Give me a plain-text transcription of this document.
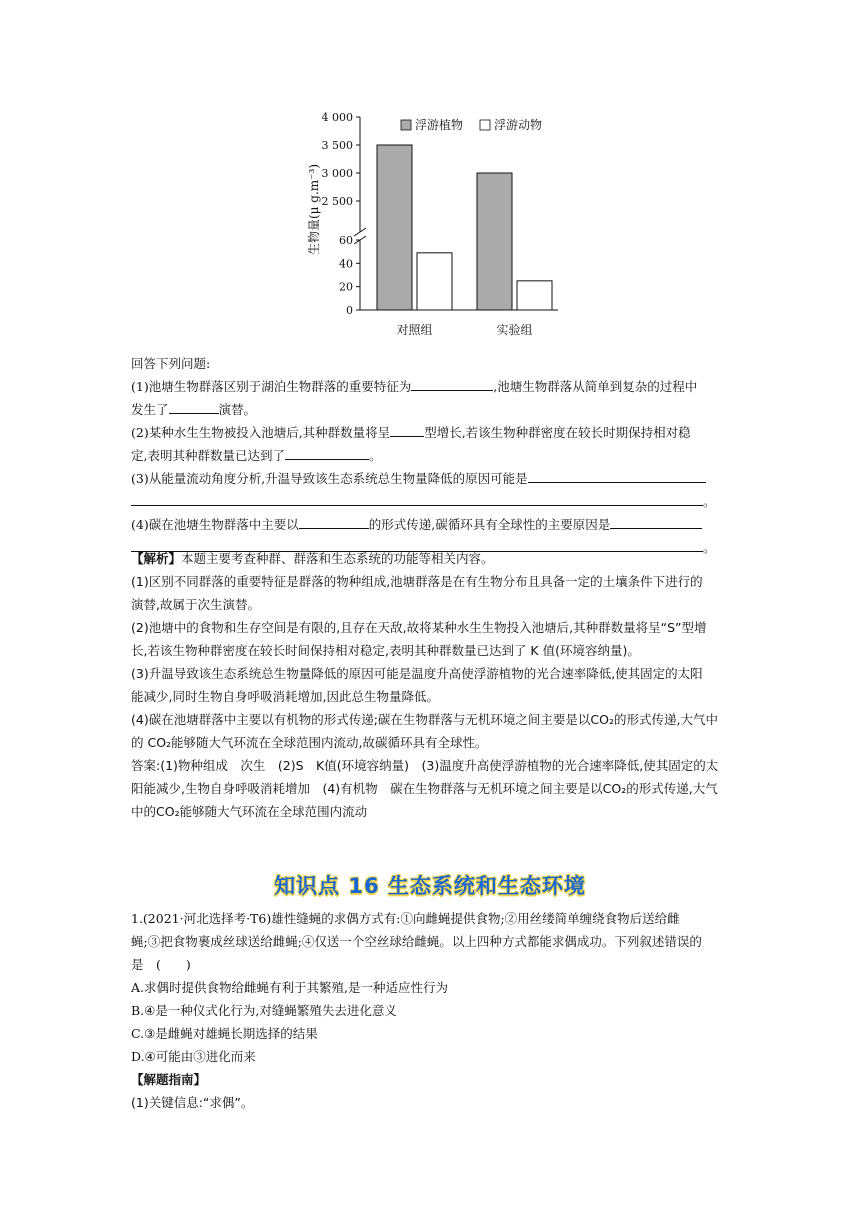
4 000
3 500
3 000
2 500
60
40
20
0
对照组	实验组
浮游植物	浮游动物
生物量(μ g.m⁻³)
回答下列问题:
(1)池塘生物群落区别于湖泊生物群落的重要特征为	,池塘生物群落从简单到复杂的过程中
发生了	演替。
(2)某种水生生物被投入池塘后,其种群数量将呈	型增长,若该生物种群密度在较长时期保持相对稳
定,表明其种群数量已达到了	。
(3)从能量流动角度分析,升温导致该生态系统总生物量降低的原因可能是
。
(4)碳在池塘生物群落中主要以	的形式传递,碳循环具有全球性的主要原因是
。
【解析】本题主要考查种群、群落和生态系统的功能等相关内容。
(1)区别不同群落的重要特征是群落的物种组成,池塘群落是在有生物分布且具备一定的土壤条件下进行的
演替,故属于次生演替。
(2)池塘中的食物和生存空间是有限的,且存在天敌,故将某种水生生物投入池塘后,其种群数量将呈“S”型增
长,若该生物种群密度在较长时间保持相对稳定,表明其种群数量已达到了 K 值(环境容纳量)。
(3)升温导致该生态系统总生物量降低的原因可能是温度升高使浮游植物的光合速率降低,使其固定的太阳
能减少,同时生物自身呼吸消耗增加,因此总生物量降低。
(4)碳在池塘群落中主要以有机物的形式传递;碳在生物群落与无机环境之间主要是以CO₂的形式传递,大气中
的 CO₂能够随大气环流在全球范围内流动,故碳循环具有全球性。
答案:(1)物种组成　次生　(2)S　K值(环境容纳量)　(3)温度升高使浮游植物的光合速率降低,使其固定的太
阳能减少,生物自身呼吸消耗增加　(4)有机物　碳在生物群落与无机环境之间主要是以CO₂的形式传递,大气
中的CO₂能够随大气环流在全球范围内流动
知识点 16 生态系统和生态环境
1.(2021·河北选择考·T6)雄性缝蝇的求偶方式有:①向雌蝇提供食物;②用丝缕简单缠绕食物后送给雌
蝇;③把食物裹成丝球送给雌蝇;④仅送一个空丝球给雌蝇。以上四种方式都能求偶成功。下列叙述错误的
是　(　　)
A.求偶时提供食物给雌蝇有利于其繁殖,是一种适应性行为
B.④是一种仪式化行为,对缝蝇繁殖失去进化意义
C.③是雌蝇对雄蝇长期选择的结果
D.④可能由③进化而来
【解题指南】
(1)关键信息:“求偶”。
